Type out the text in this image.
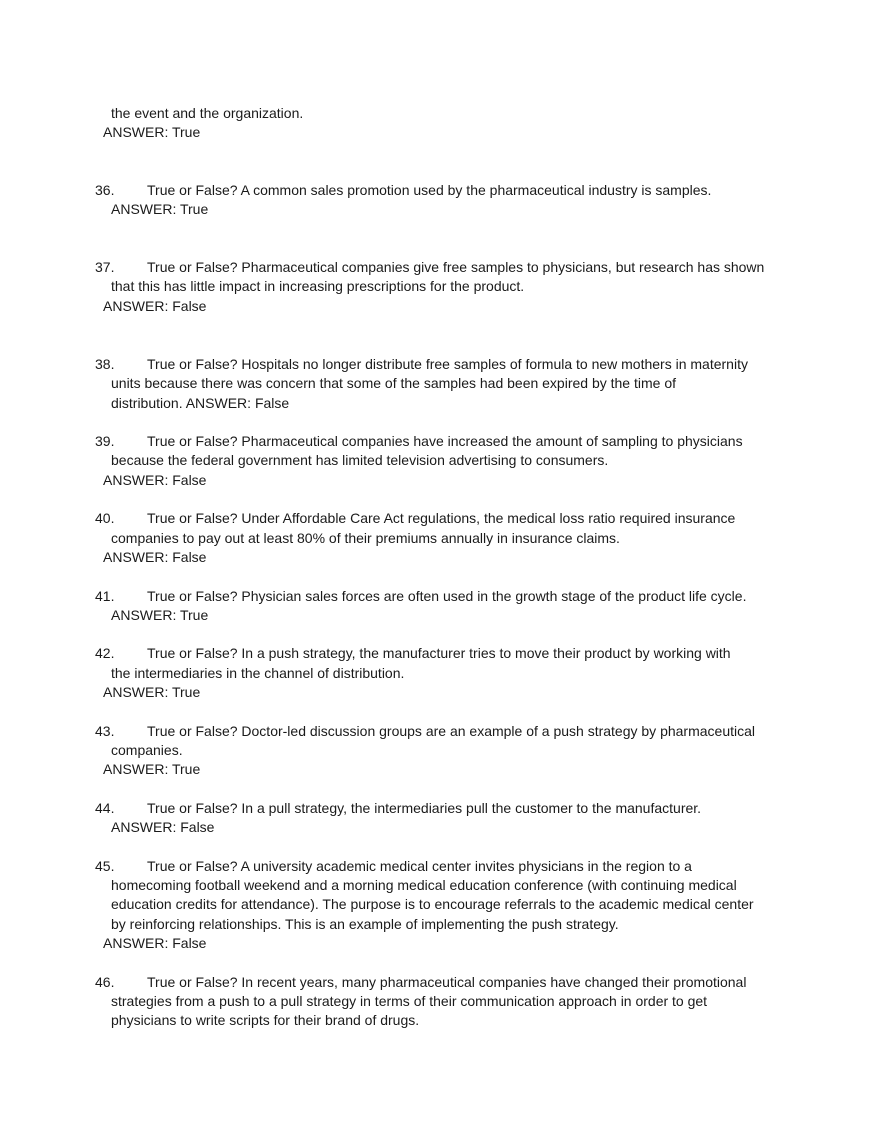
the event and the organization.
ANSWER: True
36. True or False? A common sales promotion used by the pharmaceutical industry is samples.
ANSWER: True
37. True or False? Pharmaceutical companies give free samples to physicians, but research has shown
that this has little impact in increasing prescriptions for the product.
ANSWER: False
38. True or False? Hospitals no longer distribute free samples of formula to new mothers in maternity
units because there was concern that some of the samples had been expired by the time of
distribution. ANSWER: False
39. True or False? Pharmaceutical companies have increased the amount of sampling to physicians
because the federal government has limited television advertising to consumers.
ANSWER: False
40. True or False? Under Affordable Care Act regulations, the medical loss ratio required insurance
companies to pay out at least 80% of their premiums annually in insurance claims.
ANSWER: False
41. True or False? Physician sales forces are often used in the growth stage of the product life cycle.
ANSWER: True
42. True or False? In a push strategy, the manufacturer tries to move their product by working with
the intermediaries in the channel of distribution.
ANSWER: True
43. True or False? Doctor-led discussion groups are an example of a push strategy by pharmaceutical
companies.
ANSWER: True
44. True or False? In a pull strategy, the intermediaries pull the customer to the manufacturer.
ANSWER: False
45. True or False? A university academic medical center invites physicians in the region to a
homecoming football weekend and a morning medical education conference (with continuing medical
education credits for attendance). The purpose is to encourage referrals to the academic medical center
by reinforcing relationships. This is an example of implementing the push strategy.
ANSWER: False
46. True or False? In recent years, many pharmaceutical companies have changed their promotional
strategies from a push to a pull strategy in terms of their communication approach in order to get
physicians to write scripts for their brand of drugs.
